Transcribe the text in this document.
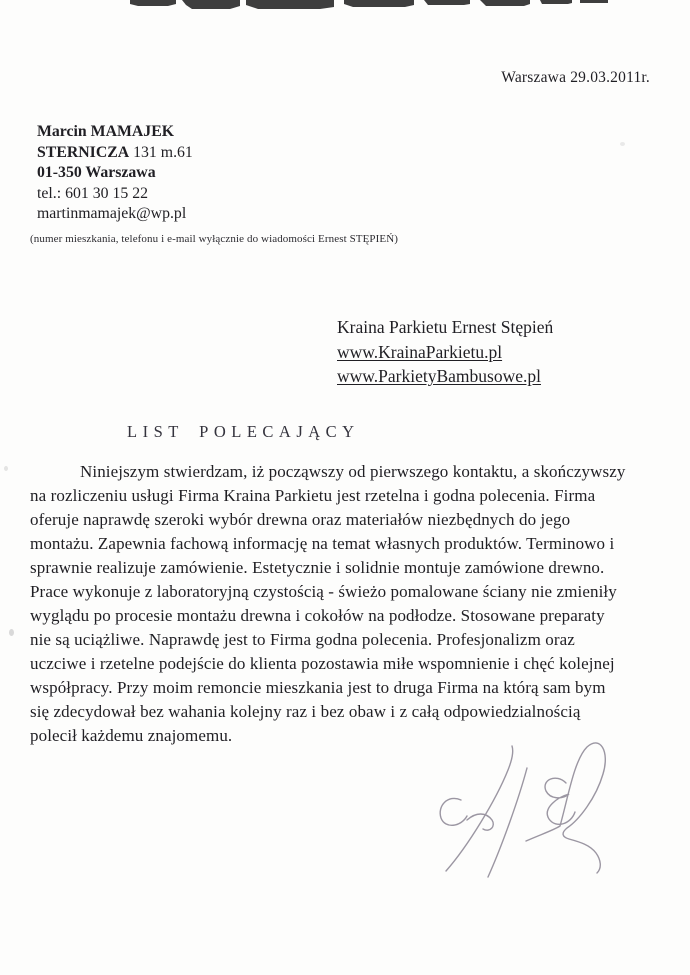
Warszawa 29.03.2011r.
Marcin MAMAJEK
STERNICZA 131 m.61
01-350 Warszawa
tel.: 601 30 15 22
martinmamajek@wp.pl
(numer mieszkania, telefonu i e-mail wyłącznie do wiadomości Ernest STĘPIEŃ)
Kraina Parkietu Ernest Stępień
www.KrainaParkietu.pl
www.ParkietyBambusowe.pl
LIST POLECAJĄCY
Niniejszym stwierdzam, iż począwszy od pierwszego kontaktu, a skończywszy
na rozliczeniu usługi Firma Kraina Parkietu jest rzetelna i godna polecenia. Firma
oferuje naprawdę szeroki wybór drewna oraz materiałów niezbędnych do jego
montażu. Zapewnia fachową informację na temat własnych produktów. Terminowo i
sprawnie realizuje zamówienie. Estetycznie i solidnie montuje zamówione drewno.
Prace wykonuje z laboratoryjną czystością - świeżo pomalowane ściany nie zmieniły
wyglądu po procesie montażu drewna i cokołów na podłodze. Stosowane preparaty
nie są uciążliwe. Naprawdę jest to Firma godna polecenia. Profesjonalizm oraz
uczciwe i rzetelne podejście do klienta pozostawia miłe wspomnienie i chęć kolejnej
współpracy. Przy moim remoncie mieszkania jest to druga Firma na którą sam bym
się zdecydował bez wahania kolejny raz i bez obaw i z całą odpowiedzialnością
polecił każdemu znajomemu.
